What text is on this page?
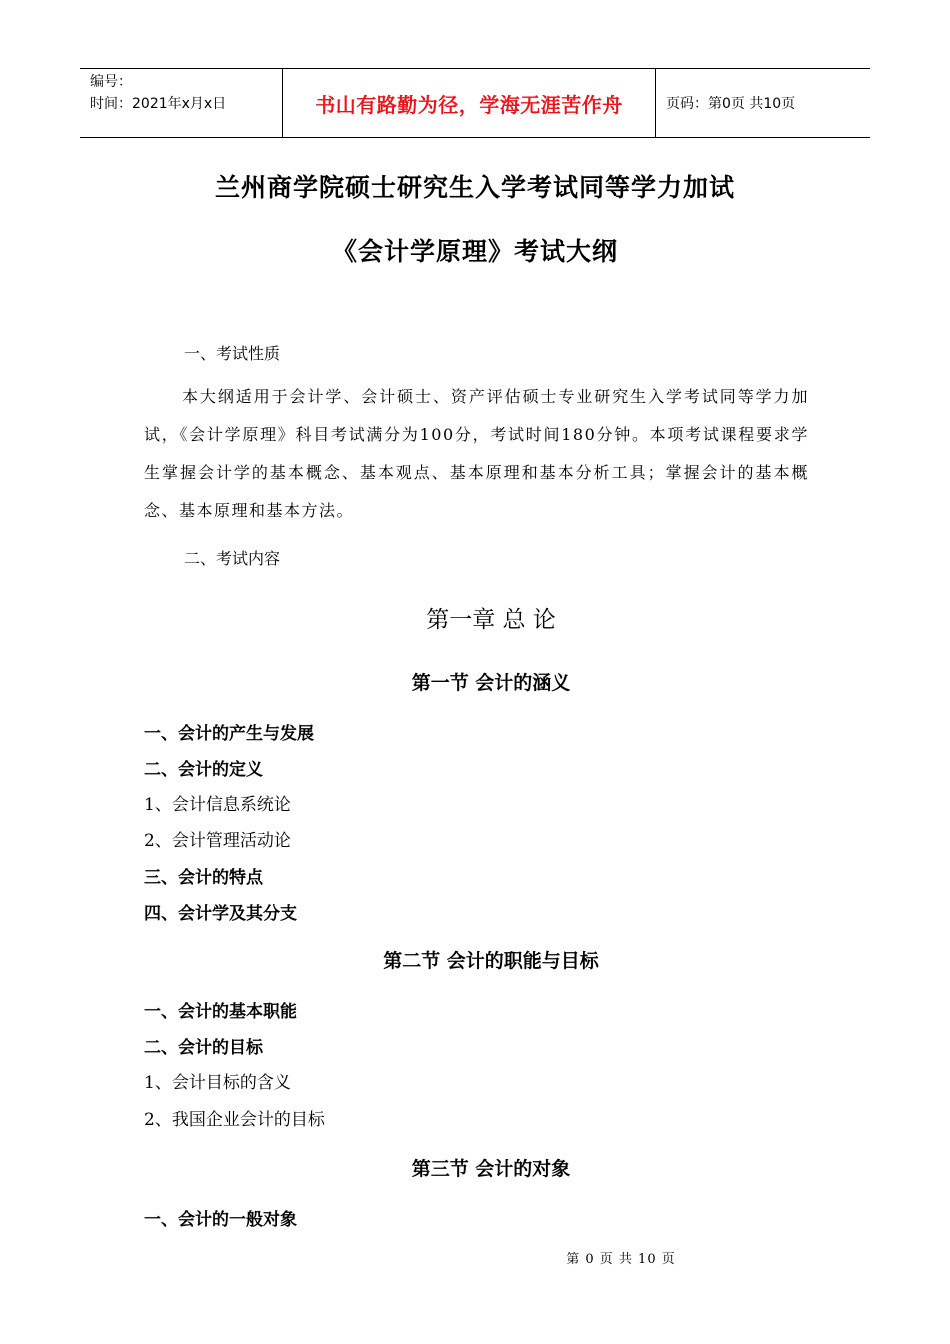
编号：
时间：2021年x月x日	书山有路勤为径，学海无涯苦作舟	页码：第0页 共10页
兰州商学院硕士研究生入学考试同等学力加试
《会计学原理》考试大纲
一、考试性质
本大纲适用于会计学、会计硕士、资产评估硕士专业研究生入学考试同等学力加试，《会计学原理》科目考试满分为100分，考试时间180分钟。本项考试课程要求学生掌握会计学的基本概念、基本观点、基本原理和基本分析工具；掌握会计的基本概念、基本原理和基本方法。
二、考试内容
第一章 总 论
第一节 会计的涵义
一、会计的产生与发展
二、会计的定义
1、会计信息系统论
2、会计管理活动论
三、会计的特点
四、会计学及其分支
第二节 会计的职能与目标
一、会计的基本职能
二、会计的目标
1、会计目标的含义
2、我国企业会计的目标
第三节 会计的对象
一、会计的一般对象
第 0 页 共 10 页
